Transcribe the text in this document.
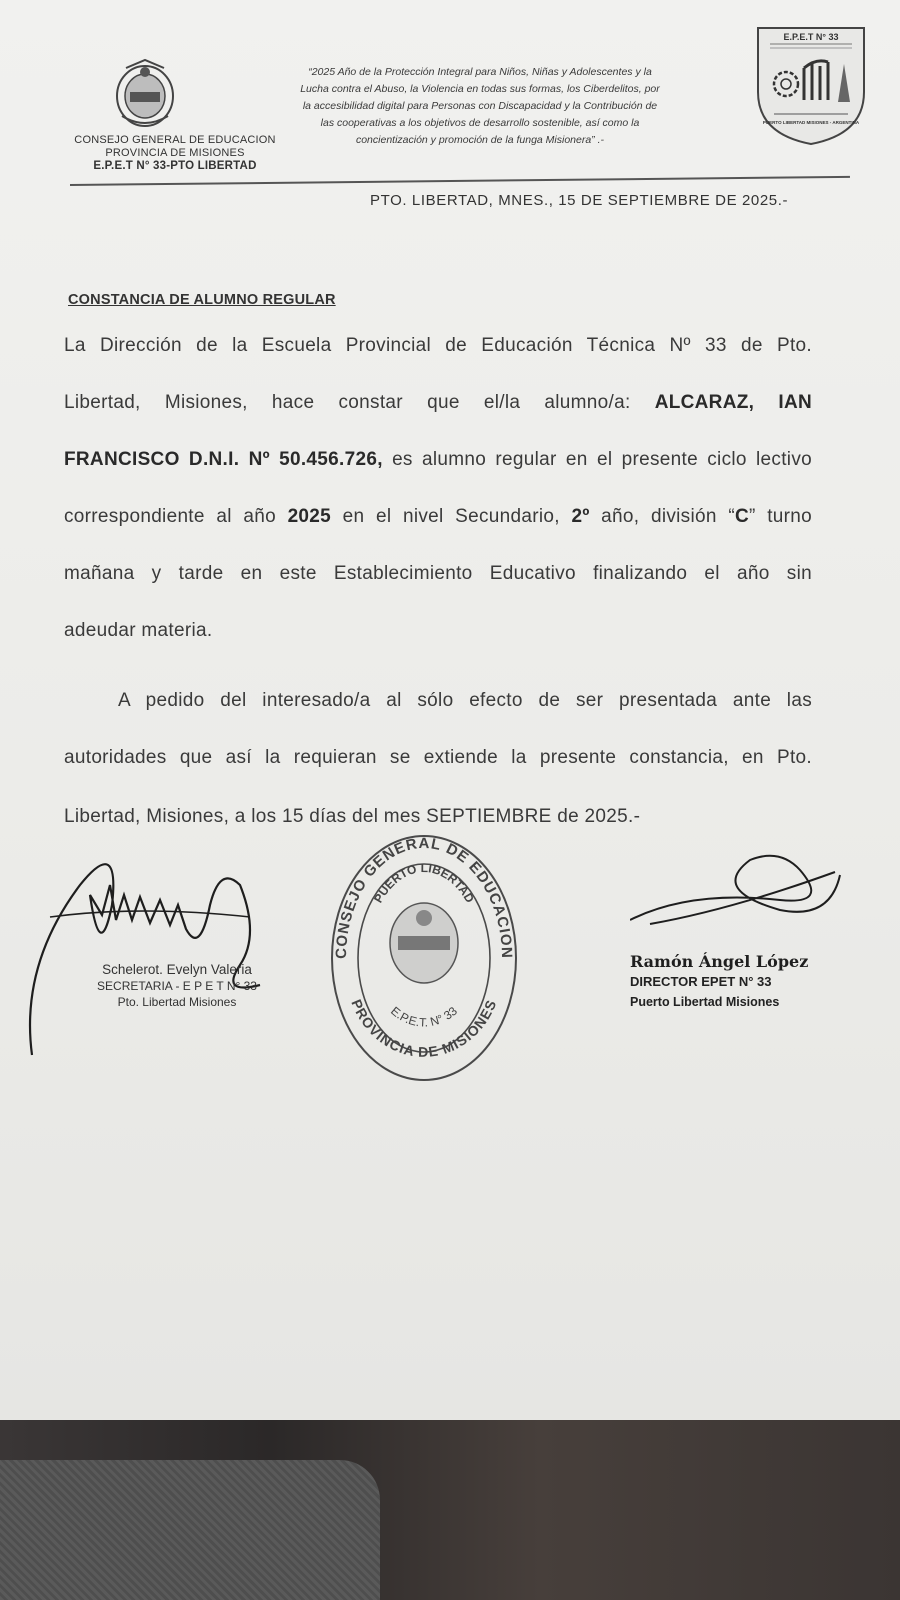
CONSEJO GENERAL DE EDUCACION
PROVINCIA DE MISIONES
E.P.E.T N° 33-PTO LIBERTAD
“2025 Año de la Protección Integral para Niños, Niñas y Adolescentes y la
Lucha contra el Abuso, la Violencia en todas sus formas, los Ciberdelitos, por
la accesibilidad digital para Personas con Discapacidad y la Contribución de
las cooperativas a los objetivos de desarrollo sostenible, así como la
concientización y promoción de la funga Misionera” .-
E.P.E.T N° 33
PUERTO LIBERTAD MISIONES - ARGENTINA
PTO. LIBERTAD, MNES., 15 DE SEPTIEMBRE DE 2025.-
CONSTANCIA DE ALUMNO REGULAR
La Dirección de la Escuela Provincial de Educación Técnica Nº 33 de Pto.
Libertad, Misiones, hace constar que el/la alumno/a: ALCARAZ, IAN
FRANCISCO D.N.I. Nº 50.456.726, es alumno regular en el presente ciclo lectivo
correspondiente al año 2025 en el nivel Secundario, 2º año, división “C” turno
mañana y tarde en este Establecimiento Educativo finalizando el año sin
adeudar materia.
A pedido del interesado/a al sólo efecto de ser presentada ante las
autoridades que así la requieran se extiende la presente constancia, en Pto.
Libertad, Misiones, a los 15 días del mes SEPTIEMBRE de 2025.-
Schelerot. Evelyn Valeria
SECRETARIA - E P E T N° 33
Pto. Libertad Misiones
CONSEJO GENERAL DE EDUCACION
PUERTO LIBERTAD
E.P.E.T. N° 33
PROVINCIA DE MISIONES
Ramón Ángel López
DIRECTOR EPET N° 33
Puerto Libertad Misiones
